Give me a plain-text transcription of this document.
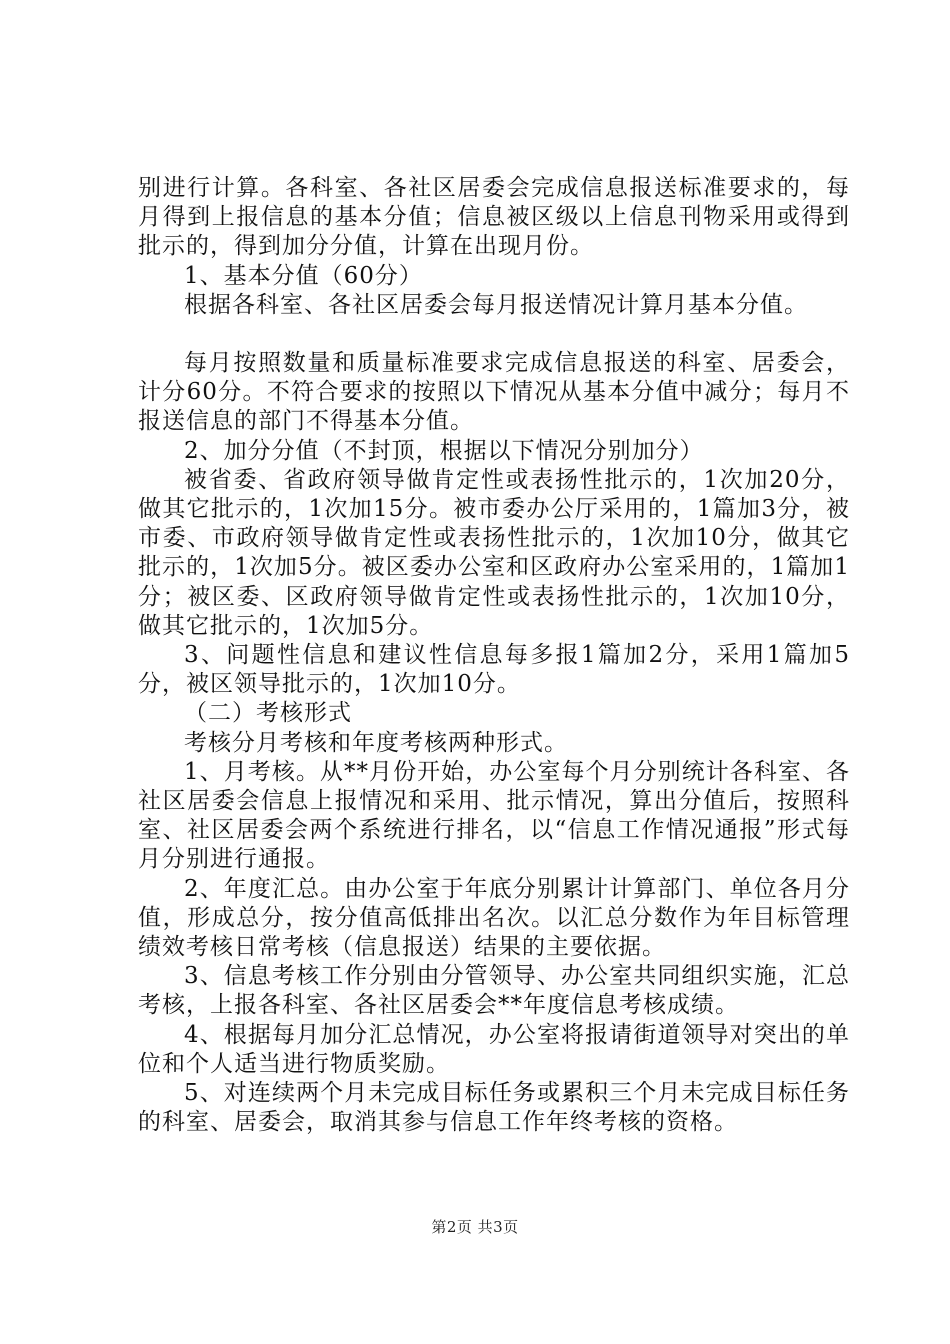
别进行计算。各科室、各社区居委会完成信息报送标准要求的，每月得到上报信息的基本分值；信息被区级以上信息刊物采用或得到批示的，得到加分分值，计算在出现月份。

1、基本分值（60分）

根据各科室、各社区居委会每月报送情况计算月基本分值。

每月按照数量和质量标准要求完成信息报送的科室、居委会，计分60分。不符合要求的按照以下情况从基本分值中减分；每月不报送信息的部门不得基本分值。

2、加分分值（不封顶，根据以下情况分别加分）

被省委、省政府领导做肯定性或表扬性批示的，1次加20分，做其它批示的，1次加15分。被市委办公厅采用的，1篇加3分，被市委、市政府领导做肯定性或表扬性批示的，1次加10分，做其它批示的，1次加5分。被区委办公室和区政府办公室采用的，1篇加1分；被区委、区政府领导做肯定性或表扬性批示的，1次加10分，做其它批示的，1次加5分。

3、问题性信息和建议性信息每多报1篇加2分，采用1篇加5分，被区领导批示的，1次加10分。

（二）考核形式

考核分月考核和年度考核两种形式。

1、月考核。从**月份开始，办公室每个月分别统计各科室、各社区居委会信息上报情况和采用、批示情况，算出分值后，按照科室、社区居委会两个系统进行排名，以“信息工作情况通报”形式每月分别进行通报。

2、年度汇总。由办公室于年底分别累计计算部门、单位各月分值，形成总分，按分值高低排出名次。以汇总分数作为年目标管理绩效考核日常考核（信息报送）结果的主要依据。

3、信息考核工作分别由分管领导、办公室共同组织实施，汇总考核，上报各科室、各社区居委会**年度信息考核成绩。

4、根据每月加分汇总情况，办公室将报请街道领导对突出的单位和个人适当进行物质奖励。

5、对连续两个月未完成目标任务或累积三个月未完成目标任务的科室、居委会，取消其参与信息工作年终考核的资格。

第2页 共3页
